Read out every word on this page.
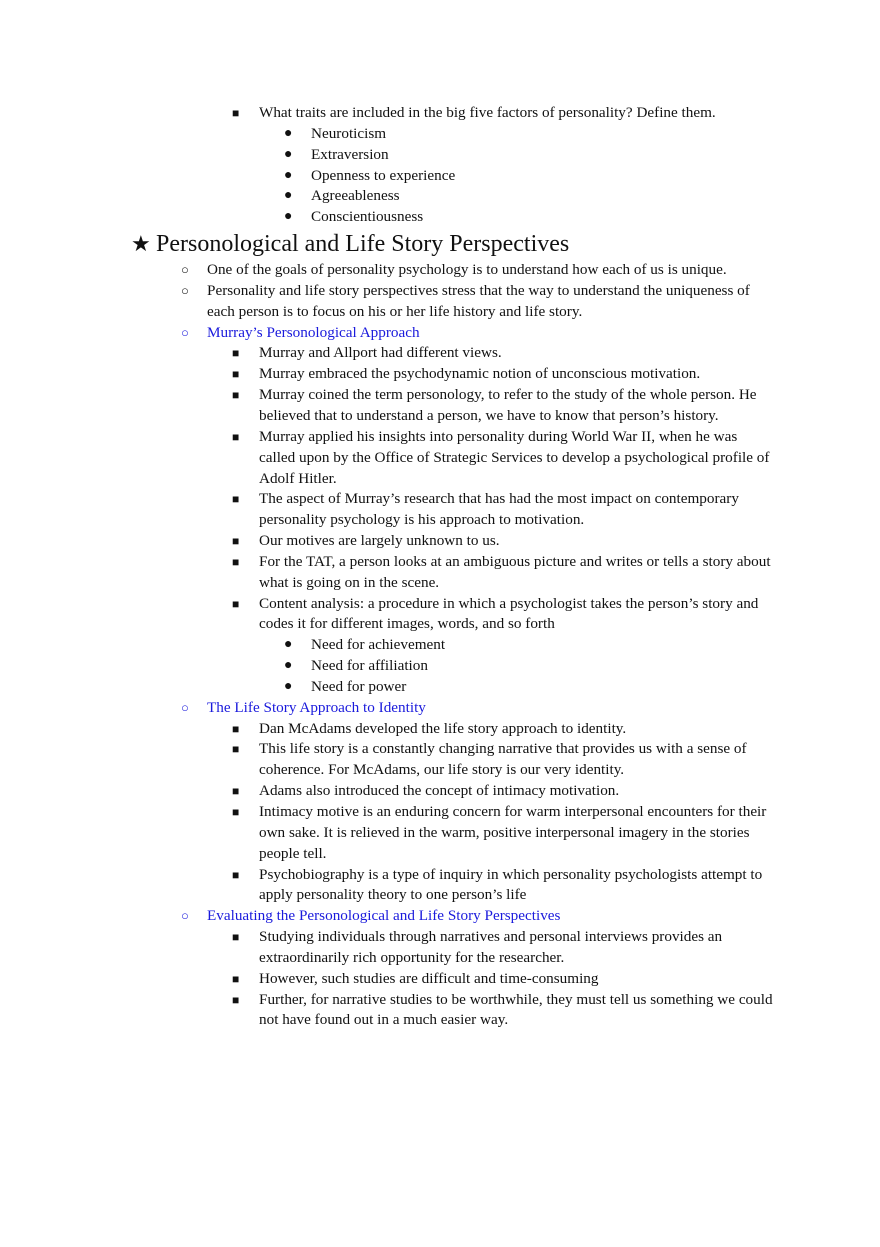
■ What traits are included in the big five factors of personality? Define them.
● Neuroticism
● Extraversion
● Openness to experience
● Agreeableness
● Conscientiousness
★ Personological and Life Story Perspectives
○ One of the goals of personality psychology is to understand how each of us is unique.
○ Personality and life story perspectives stress that the way to understand the uniqueness of each person is to focus on his or her life history and life story.
○ Murray’s Personological Approach
■ Murray and Allport had different views.
■ Murray embraced the psychodynamic notion of unconscious motivation.
■ Murray coined the term personology, to refer to the study of the whole person. He believed that to understand a person, we have to know that person’s history.
■ Murray applied his insights into personality during World War II, when he was called upon by the Office of Strategic Services to develop a psychological profile of Adolf Hitler.
■ The aspect of Murray’s research that has had the most impact on contemporary personality psychology is his approach to motivation.
■ Our motives are largely unknown to us.
■ For the TAT, a person looks at an ambiguous picture and writes or tells a story about what is going on in the scene.
■ Content analysis: a procedure in which a psychologist takes the person’s story and codes it for different images, words, and so forth
● Need for achievement
● Need for affiliation
● Need for power
○ The Life Story Approach to Identity
■ Dan McAdams developed the life story approach to identity.
■ This life story is a constantly changing narrative that provides us with a sense of coherence. For McAdams, our life story is our very identity.
■ Adams also introduced the concept of intimacy motivation.
■ Intimacy motive is an enduring concern for warm interpersonal encounters for their own sake. It is relieved in the warm, positive interpersonal imagery in the stories people tell.
■ Psychobiography is a type of inquiry in which personality psychologists attempt to apply personality theory to one person’s life
○ Evaluating the Personological and Life Story Perspectives
■ Studying individuals through narratives and personal interviews provides an extraordinarily rich opportunity for the researcher.
■ However, such studies are difficult and time-consuming
■ Further, for narrative studies to be worthwhile, they must tell us something we could not have found out in a much easier way.
